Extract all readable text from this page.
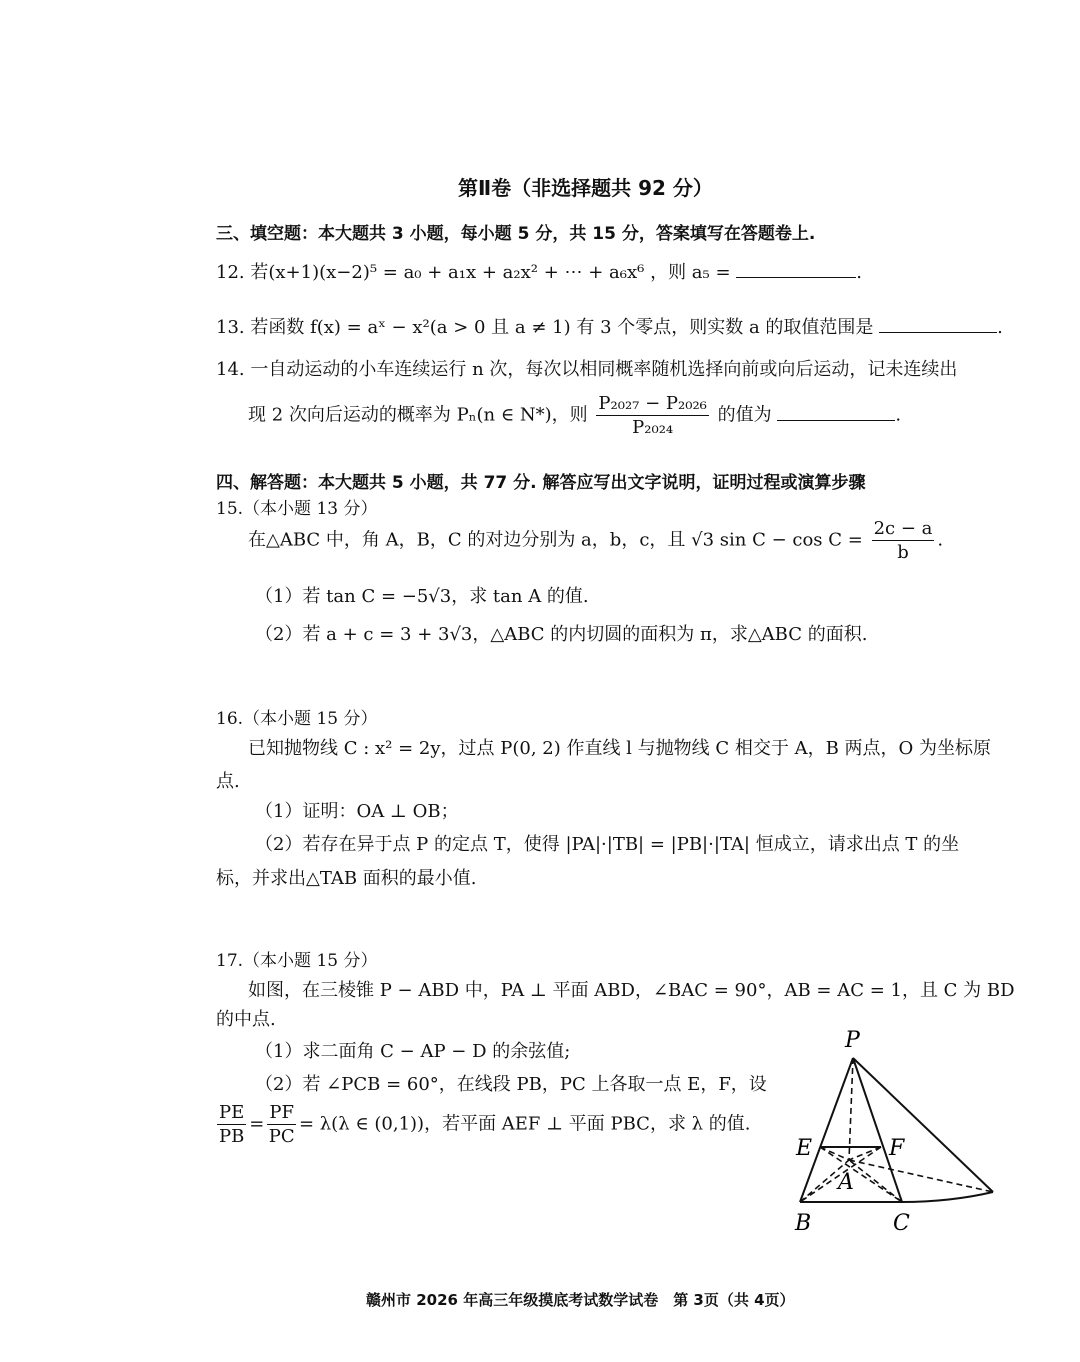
第Ⅱ卷（非选择题共 92 分）
三、填空题：本大题共 3 小题，每小题 5 分，共 15 分，答案填写在答题卷上.
12. 若(x+1)(x−2)⁵ = a₀ + a₁x + a₂x² + ⋯ + a₆x⁶ ，则 a₅ =	.
13. 若函数 f(x) = aˣ − x²(a > 0 且 a ≠ 1) 有 3 个零点，则实数 a 的取值范围是	.
14. 一自动运动的小车连续运行 n 次，每次以相同概率随机选择向前或向后运动，记未连续出
现 2 次向后运动的概率为 Pₙ(n ∈ N*)，则 $\frac{\text{P₂₀₂₇ − P₂₀₂₆}}{\text{P₂₀₂₄}}$ 的值为	.
四、解答题：本大题共 5 小题，共 77 分. 解答应写出文字说明，证明过程或演算步骤
15.（本小题 13 分）
在△ABC 中，角 A，B，C 的对边分别为 a，b，c，且 √3 $\sin C - \cos C = \frac{2c - a}{b}$ .
（1）若 tan C = −5√3，求 tan A 的值.
（2）若 a + c = 3 + 3√3，△ABC 的内切圆的面积为 π，求△ABC 的面积.
16.（本小题 15 分）
已知抛物线 C : x² = 2y，过点 P(0, 2) 作直线 l 与抛物线 C 相交于 A，B 两点，O 为坐标原
点.
（1）证明：OA ⊥ OB；
（2）若存在异于点 P 的定点 T，使得 |PA|·|TB| = |PB|·|TA| 恒成立，请求出点 T 的坐
标，并求出△TAB 面积的最小值.
17.（本小题 15 分）
如图，在三棱锥 P − ABD 中，PA ⊥ 平面 ABD，∠BAC = 90°，AB = AC = 1，且 C 为 BD
的中点.
（1）求二面角 C − AP − D 的余弦值;
（2）若 ∠PCB = 60°，在线段 PB，PC 上各取一点 E，F，设
$\frac{PE}{PB} = \frac{PF}{PC} = \lambda(\lambda$ ∈ (0,1))，若平面 AEF ⊥ 平面 PBC，求 λ 的值.
P
E	F
A
B	C
赣州市 2026 年高三年级摸底考试数学试卷　第 3页（共 4页）
